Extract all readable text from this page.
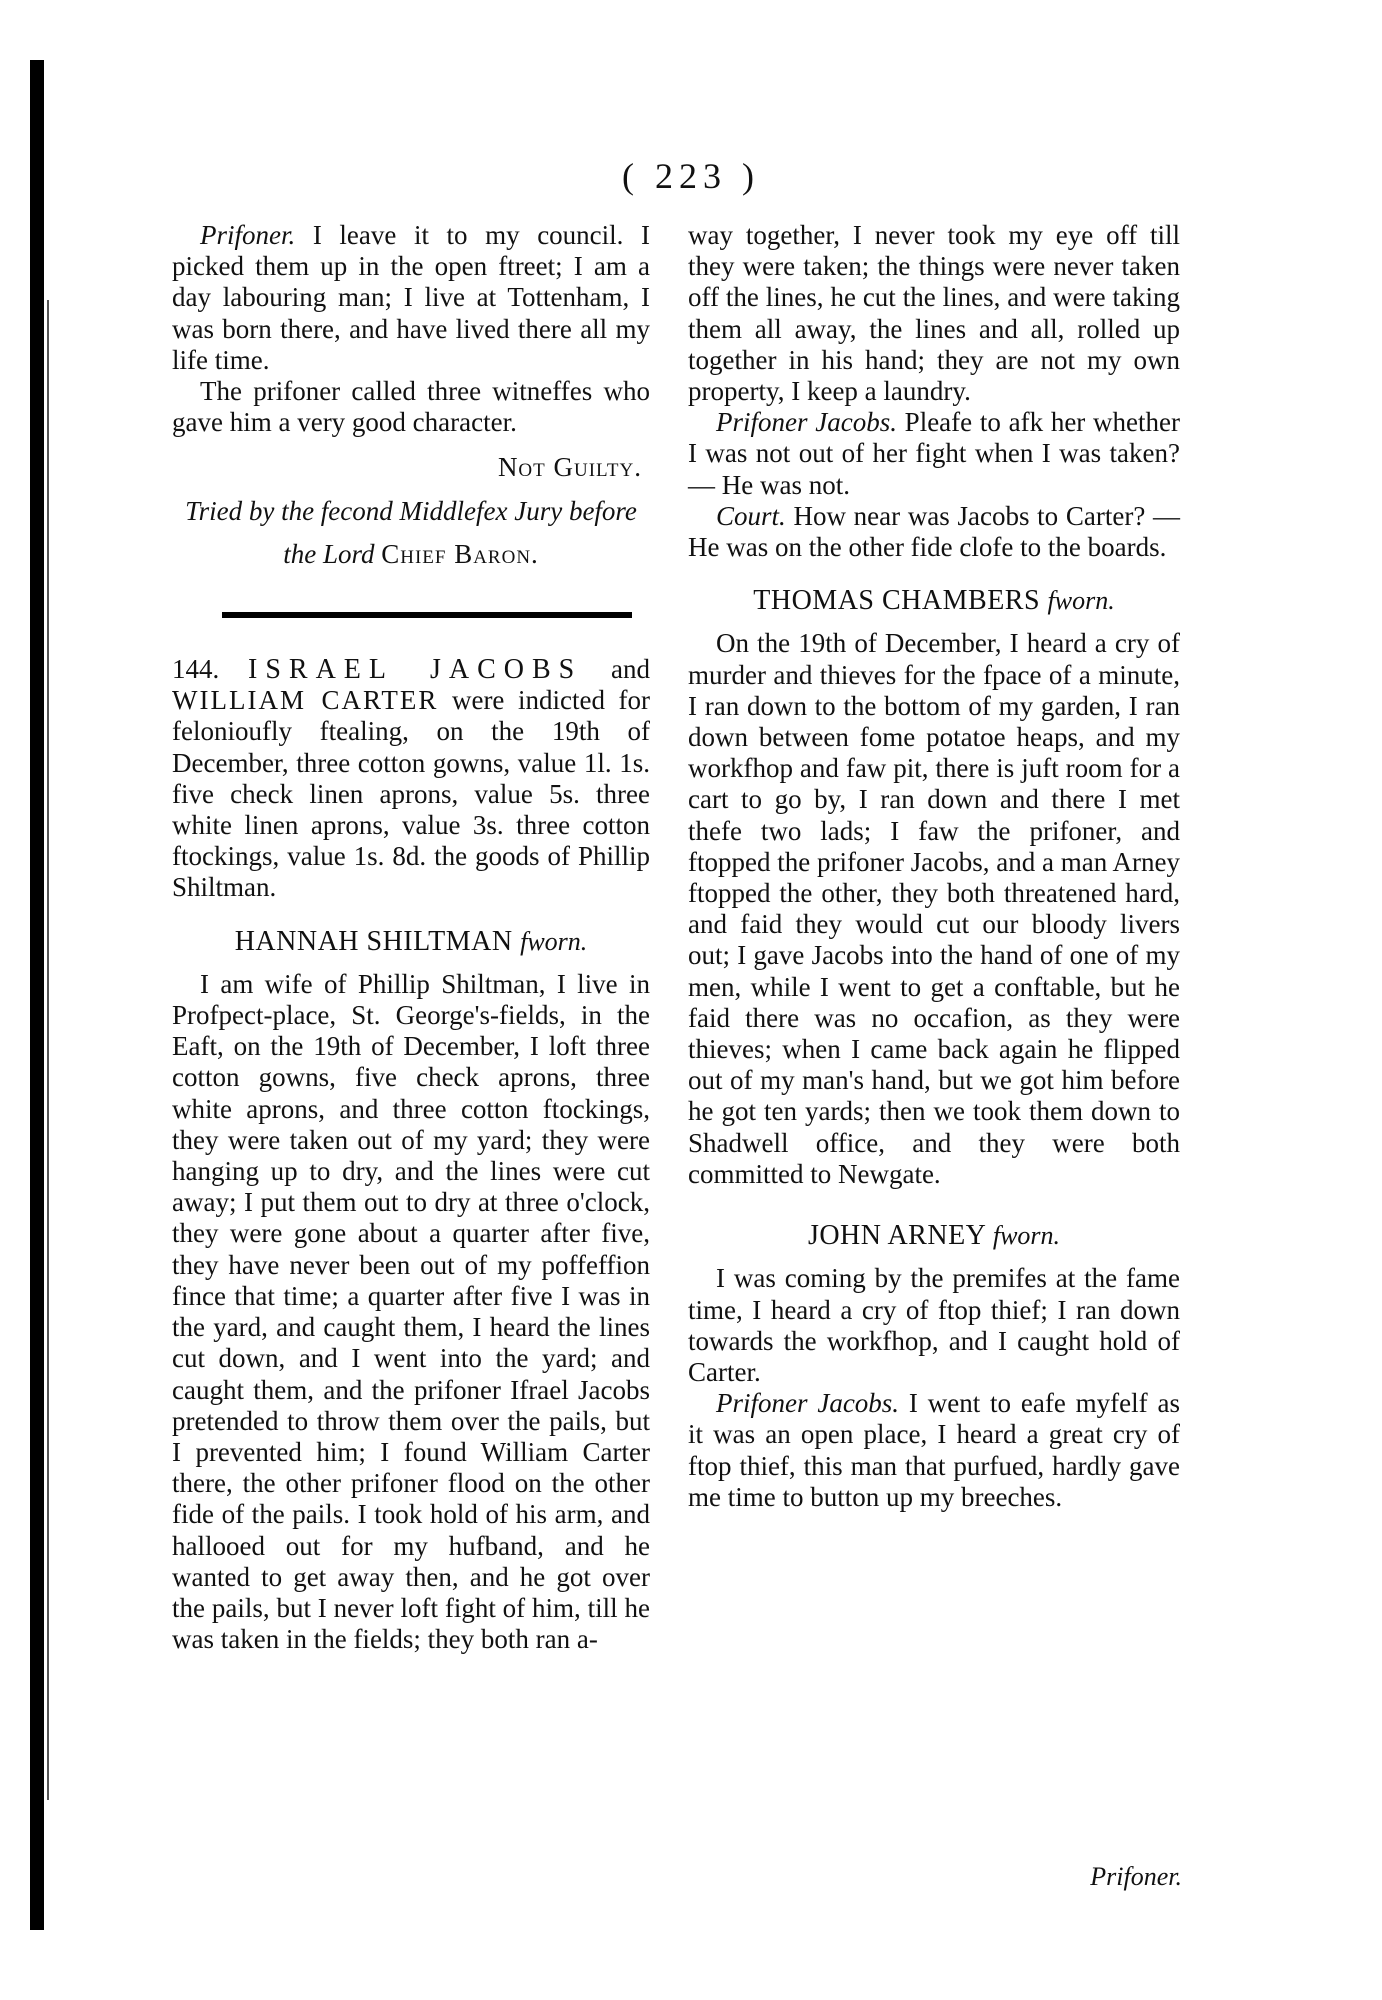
( 223 )

Prifoner. I leave it to my council. I picked them up in the open ftreet; I am a day labouring man; I live at Tottenham, I was born there, and have lived there all my life time.

The prifoner called three witneffes who gave him a very good character.

Not Guilty.

Tried by the fecond Middlefex Jury before

the Lord Chief Baron.

144. ISRAEL JACOBS and WILLIAM CARTER were indicted for felonioufly ftealing, on the 19th of December, three cotton gowns, value 1l. 1s. five check linen aprons, value 5s. three white linen aprons, value 3s. three cotton ftockings, value 1s. 8d. the goods of Phillip Shiltman.

HANNAH SHILTMAN fworn.

I am wife of Phillip Shiltman, I live in Profpect-place, St. George's-fields, in the Eaft, on the 19th of December, I loft three cotton gowns, five check aprons, three white aprons, and three cotton ftockings, they were taken out of my yard; they were hanging up to dry, and the lines were cut away; I put them out to dry at three o'clock, they were gone about a quarter after five, they have never been out of my poffeffion fince that time; a quarter after five I was in the yard, and caught them, I heard the lines cut down, and I went into the yard; and caught them, and the prifoner Ifrael Jacobs pretended to throw them over the pails, but I prevented him; I found William Carter there, the other prifoner flood on the other fide of the pails. I took hold of his arm, and hallooed out for my hufband, and he wanted to get away then, and he got over the pails, but I never loft fight of him, till he was taken in the fields; they both ran a-

way together, I never took my eye off till they were taken; the things were never taken off the lines, he cut the lines, and were taking them all away, the lines and all, rolled up together in his hand; they are not my own property, I keep a laundry.

Prifoner Jacobs. Pleafe to afk her whether I was not out of her fight when I was taken? — He was not.

Court. How near was Jacobs to Carter? — He was on the other fide clofe to the boards.

THOMAS CHAMBERS fworn.

On the 19th of December, I heard a cry of murder and thieves for the fpace of a minute, I ran down to the bottom of my garden, I ran down between fome potatoe heaps, and my workfhop and faw pit, there is juft room for a cart to go by, I ran down and there I met thefe two lads; I faw the prifoner, and ftopped the prifoner Jacobs, and a man Arney ftopped the other, they both threatened hard, and faid they would cut our bloody livers out; I gave Jacobs into the hand of one of my men, while I went to get a conftable, but he faid there was no occafion, as they were thieves; when I came back again he flipped out of my man's hand, but we got him before he got ten yards; then we took them down to Shadwell office, and they were both committed to Newgate.

JOHN ARNEY fworn.

I was coming by the premifes at the fame time, I heard a cry of ftop thief; I ran down towards the workfhop, and I caught hold of Carter.

Prifoner Jacobs. I went to eafe myfelf as it was an open place, I heard a great cry of ftop thief, this man that purfued, hardly gave me time to button up my breeches.

Prifoner.
